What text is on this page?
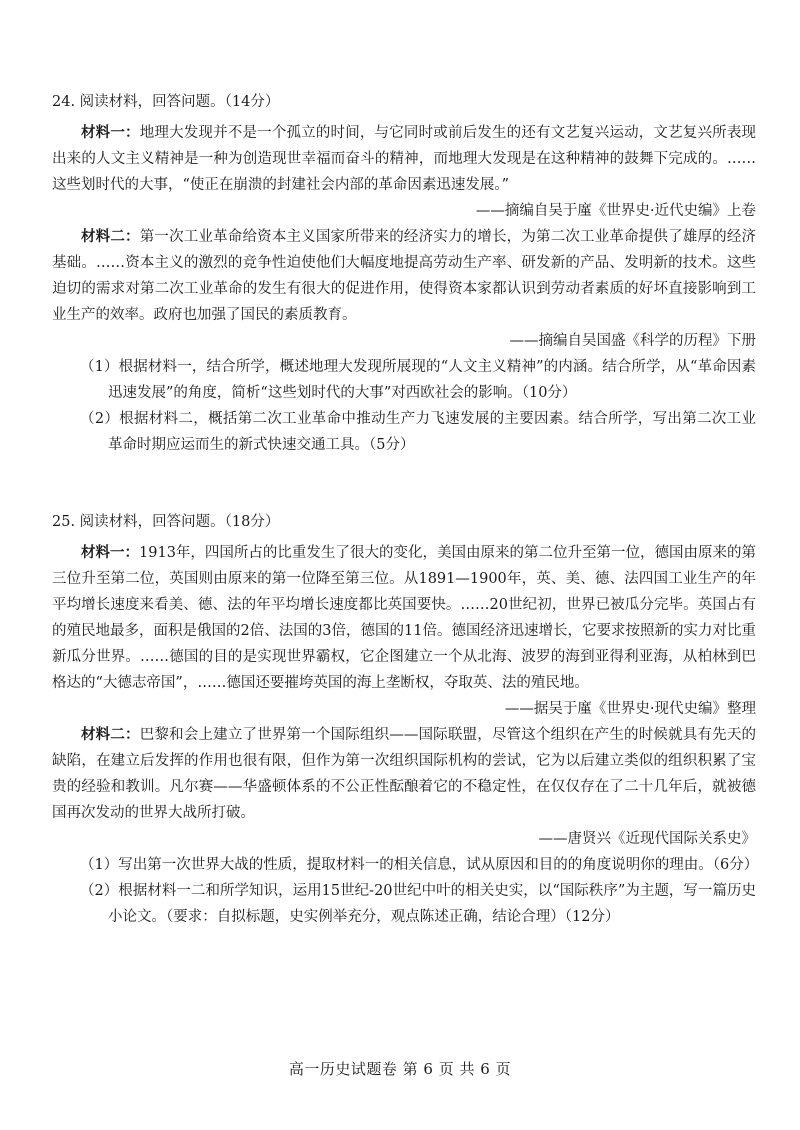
24. 阅读材料，回答问题。（14分）

材料一：地理大发现并不是一个孤立的时间，与它同时或前后发生的还有文艺复兴运动，文艺复兴所表现出来的人文主义精神是一种为创造现世幸福而奋斗的精神，而地理大发现是在这种精神的鼓舞下完成的。……这些划时代的大事，“使正在崩溃的封建社会内部的革命因素迅速发展。”

——摘编自吴于廑《世界史·近代史编》上卷

材料二：第一次工业革命给资本主义国家所带来的经济实力的增长，为第二次工业革命提供了雄厚的经济基础。……资本主义的激烈的竞争性迫使他们大幅度地提高劳动生产率、研发新的产品、发明新的技术。这些迫切的需求对第二次工业革命的发生有很大的促进作用，使得资本家都认识到劳动者素质的好坏直接影响到工业生产的效率。政府也加强了国民的素质教育。

——摘编自吴国盛《科学的历程》下册

（1）根据材料一，结合所学，概述地理大发现所展现的“人文主义精神”的内涵。结合所学，从“革命因素迅速发展”的角度，简析“这些划时代的大事”对西欧社会的影响。（10分）

（2）根据材料二，概括第二次工业革命中推动生产力飞速发展的主要因素。结合所学，写出第二次工业革命时期应运而生的新式快速交通工具。（5分）

25. 阅读材料，回答问题。（18分）

材料一：1913年，四国所占的比重发生了很大的变化，美国由原来的第二位升至第一位，德国由原来的第三位升至第二位，英国则由原来的第一位降至第三位。从1891—1900年，英、美、德、法四国工业生产的年平均增长速度来看美、德、法的年平均增长速度都比英国要快。……20世纪初，世界已被瓜分完毕。英国占有的殖民地最多，面积是俄国的2倍、法国的3倍，德国的11倍。德国经济迅速增长，它要求按照新的实力对比重新瓜分世界。……德国的目的是实现世界霸权，它企图建立一个从北海、波罗的海到亚得利亚海，从柏林到巴格达的“大德志帝国”，……德国还要摧垮英国的海上垄断权，夺取英、法的殖民地。

——据吴于廑《世界史·现代史编》整理

材料二：巴黎和会上建立了世界第一个国际组织——国际联盟，尽管这个组织在产生的时候就具有先天的缺陷，在建立后发挥的作用也很有限，但作为第一次组织国际机构的尝试，它为以后建立类似的组织积累了宝贵的经验和教训。凡尔赛——华盛顿体系的不公正性酝酿着它的不稳定性，在仅仅存在了二十几年后，就被德国再次发动的世界大战所打破。

——唐贤兴《近现代国际关系史》

（1）写出第一次世界大战的性质，提取材料一的相关信息，试从原因和目的的角度说明你的理由。（6分）

（2）根据材料一二和所学知识，运用15世纪-20世纪中叶的相关史实，以“国际秩序”为主题，写一篇历史小论文。（要求：自拟标题，史实例举充分，观点陈述正确，结论合理）（12分）

高一历史试题卷 第 6 页 共 6 页
